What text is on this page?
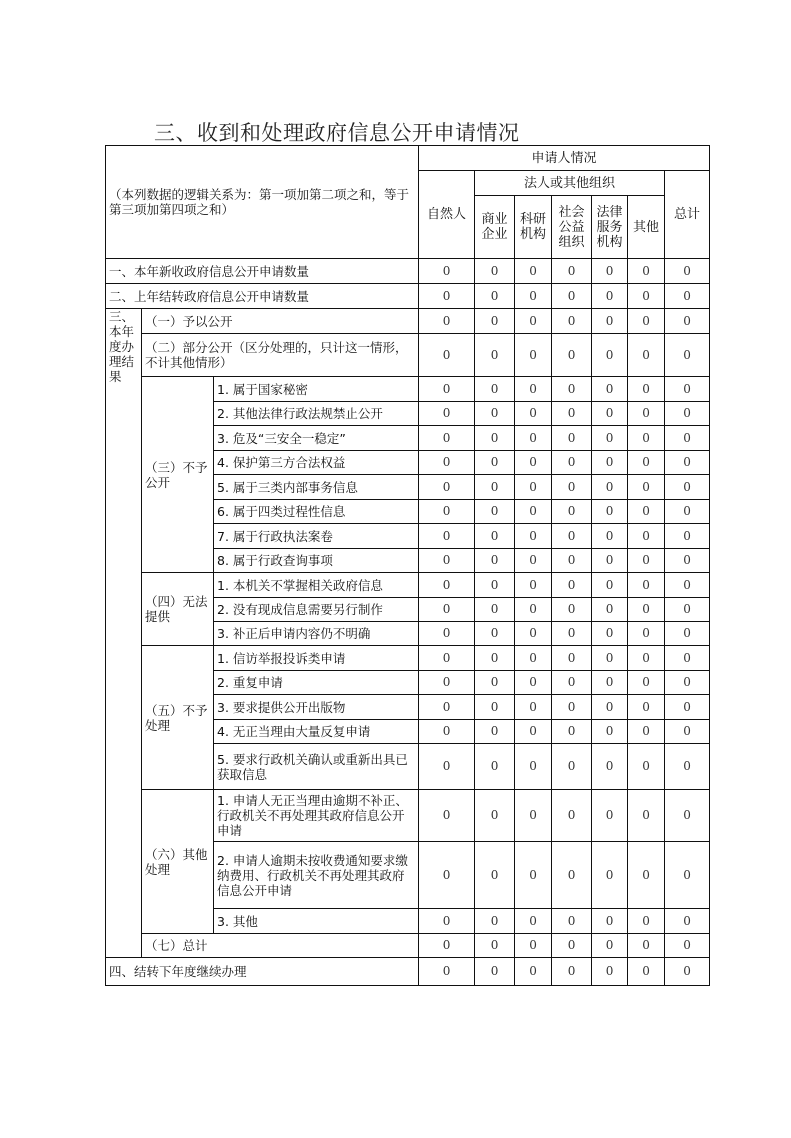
三、收到和处理政府信息公开申请情况
（本列数据的逻辑关系为：第一项加第二项之和，等于第三项加第四项之和）			申请人情况						
			自然人	法人或其他组织					总计
				商业企业	科研机构	社会公益组织	法律服务机构	其他	
一、本年新收政府信息公开申请数量			0	0	0	0	0	0	0
二、上年结转政府信息公开申请数量			0	0	0	0	0	0	0
三、本年度办理结果	（一）予以公开		0	0	0	0	0	0	0
	（二）部分公开（区分处理的，只计这一情形，不计其他情形）		0	0	0	0	0	0	0
	（三）不予公开	1. 属于国家秘密	0	0	0	0	0	0	0
		2. 其他法律行政法规禁止公开	0	0	0	0	0	0	0
		3. 危及“三安全一稳定”	0	0	0	0	0	0	0
		4. 保护第三方合法权益	0	0	0	0	0	0	0
		5. 属于三类内部事务信息	0	0	0	0	0	0	0
		6. 属于四类过程性信息	0	0	0	0	0	0	0
		7. 属于行政执法案卷	0	0	0	0	0	0	0
		8. 属于行政查询事项	0	0	0	0	0	0	0
	（四）无法提供	1. 本机关不掌握相关政府信息	0	0	0	0	0	0	0
		2. 没有现成信息需要另行制作	0	0	0	0	0	0	0
		3. 补正后申请内容仍不明确	0	0	0	0	0	0	0
	（五）不予处理	1. 信访举报投诉类申请	0	0	0	0	0	0	0
		2. 重复申请	0	0	0	0	0	0	0
		3. 要求提供公开出版物	0	0	0	0	0	0	0
		4. 无正当理由大量反复申请	0	0	0	0	0	0	0
		5. 要求行政机关确认或重新出具已获取信息	0	0	0	0	0	0	0
	（六）其他处理	1. 申请人无正当理由逾期不补正、行政机关不再处理其政府信息公开申请	0	0	0	0	0	0	0
		2. 申请人逾期未按收费通知要求缴纳费用、行政机关不再处理其政府信息公开申请	0	0	0	0	0	0	0
		3. 其他	0	0	0	0	0	0	0
	（七）总计		0	0	0	0	0	0	0
四、结转下年度继续办理			0	0	0	0	0	0	0
